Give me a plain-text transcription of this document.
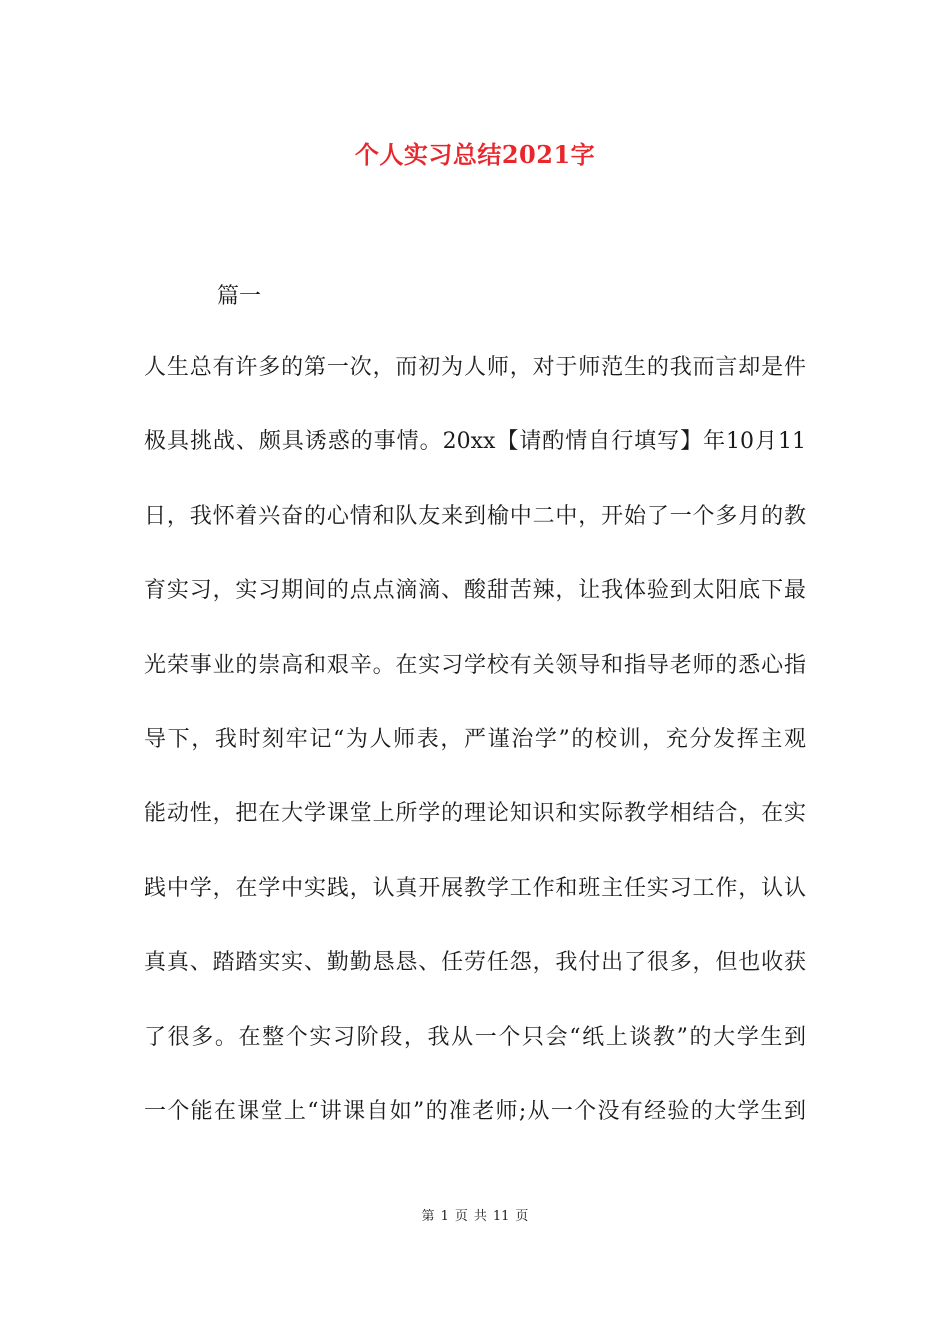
个人实习总结2021字
篇一
人生总有许多的第一次，而初为人师，对于师范生的我而言却是件
极具挑战、颇具诱惑的事情。20xx【请酌情自行填写】年10月11
日，我怀着兴奋的心情和队友来到榆中二中，开始了一个多月的教
育实习，实习期间的点点滴滴、酸甜苦辣，让我体验到太阳底下最
光荣事业的崇高和艰辛。在实习学校有关领导和指导老师的悉心指
导下，我时刻牢记“为人师表，严谨治学”的校训，充分发挥主观
能动性，把在大学课堂上所学的理论知识和实际教学相结合，在实
践中学，在学中实践，认真开展教学工作和班主任实习工作，认认
真真、踏踏实实、勤勤恳恳、任劳任怨，我付出了很多，但也收获
了很多。在整个实习阶段，我从一个只会“纸上谈教”的大学生到
一个能在课堂上“讲课自如”的准老师;从一个没有经验的大学生到
第 1 页 共 11 页
